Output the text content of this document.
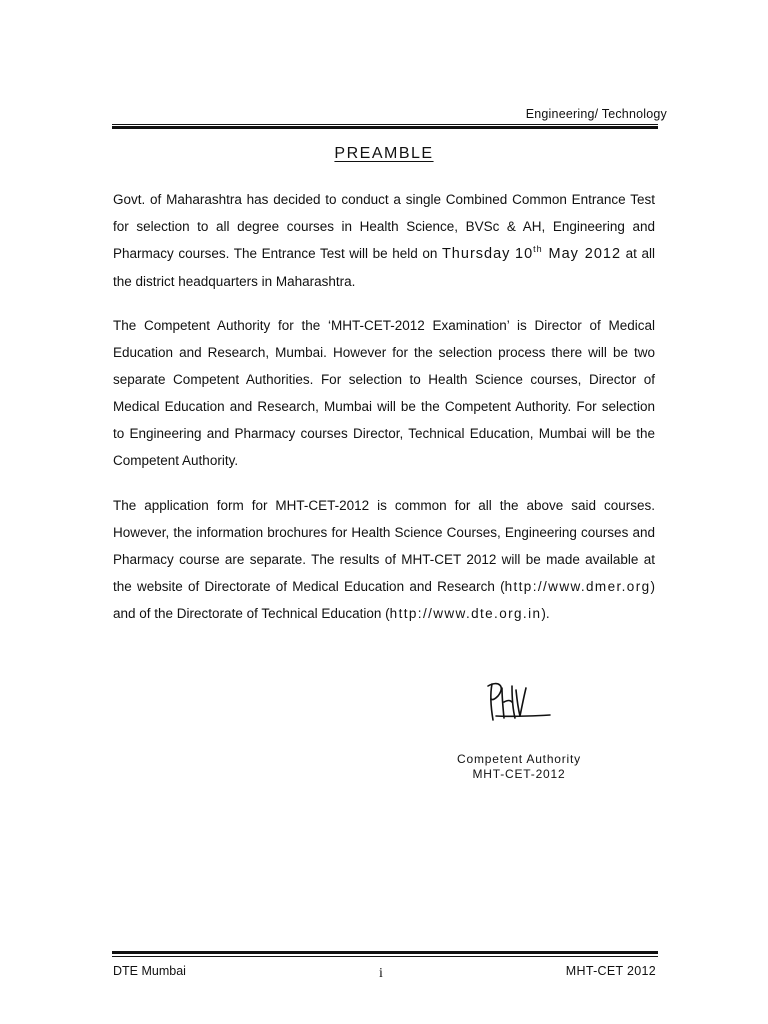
Engineering/ Technology
PREAMBLE

Govt. of Maharashtra has decided to conduct a single Combined Common Entrance Test for selection to all degree courses in Health Science, BVSc & AH, Engineering and Pharmacy courses. The Entrance Test will be held on Thursday 10th May 2012 at all the district headquarters in Maharashtra.

The Competent Authority for the ‘MHT-CET-2012 Examination’ is Director of Medical Education and Research, Mumbai. However for the selection process there will be two separate Competent Authorities. For selection to Health Science courses, Director of Medical Education and Research, Mumbai will be the Competent Authority. For selection to Engineering and Pharmacy courses Director, Technical Education, Mumbai will be the Competent Authority.

The application form for MHT-CET-2012 is common for all the above said courses. However, the information brochures for Health Science Courses, Engineering courses and Pharmacy course are separate. The results of MHT-CET 2012 will be made available at the website of Directorate of Medical Education and Research (http://www.dmer.org) and of the Directorate of Technical Education (http://www.dte.org.in).

Competent Authority
MHT-CET-2012
DTE Mumbai	i	MHT-CET 2012
